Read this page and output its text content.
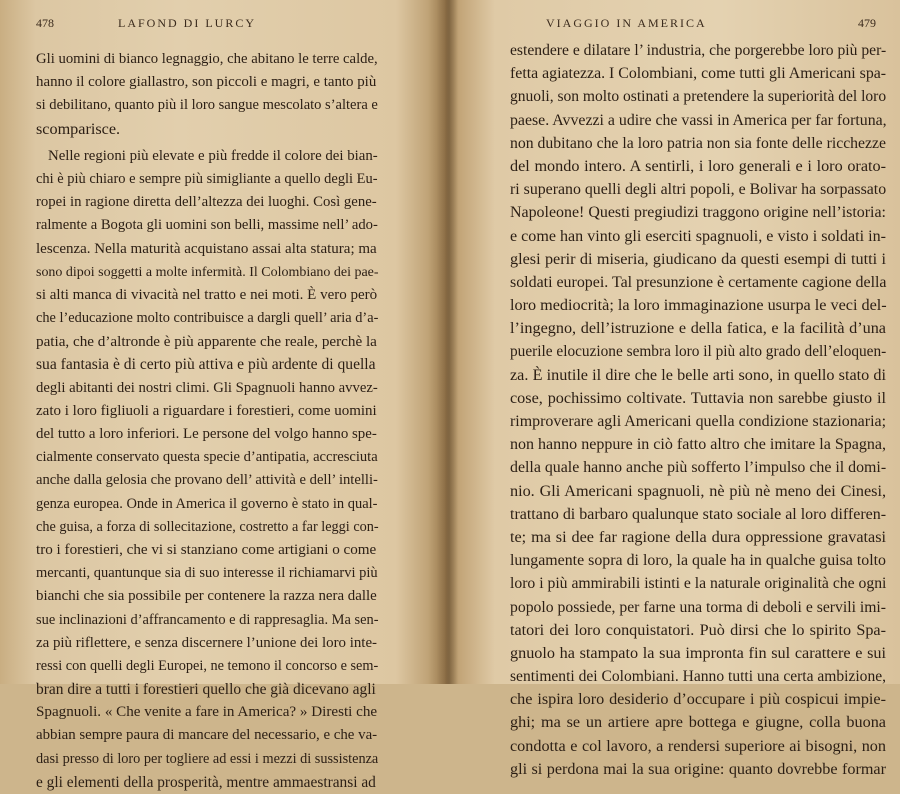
478	LAFOND DI LURCY
Gli uomini di bianco legnaggio, che abitano le terre calde,
hanno il colore giallastro, son piccoli e magri, e tanto più
si debilitano, quanto più il loro sangue mescolato s’altera e
scomparisce.
Nelle regioni più elevate e più fredde il colore dei bian-
chi è più chiaro e sempre più simigliante a quello degli Eu-
ropei in ragione diretta dell’altezza dei luoghi. Così gene-
ralmente a Bogota gli uomini son belli, massime nell’ ado-
lescenza. Nella maturità acquistano assai alta statura; ma
sono dipoi soggetti a molte infermità. Il Colombiano dei pae-
si alti manca di vivacità nel tratto e nei moti. È vero però
che l’educazione molto contribuisce a dargli quell’ aria d’a-
patia, che d’altronde è più apparente che reale, perchè la
sua fantasia è di certo più attiva e più ardente di quella
degli abitanti dei nostri climi. Gli Spagnuoli hanno avvez-
zato i loro figliuoli a riguardare i forestieri, come uomini
del tutto a loro inferiori. Le persone del volgo hanno spe-
cialmente conservato questa specie d’antipatia, accresciuta
anche dalla gelosia che provano dell’ attività e dell’ intelli-
genza europea. Onde in America il governo è stato in qual-
che guisa, a forza di sollecitazione, costretto a far leggi con-
tro i forestieri, che vi si stanziano come artigiani o come
mercanti, quantunque sia di suo interesse il richiamarvi più
bianchi che sia possibile per contenere la razza nera dalle
sue inclinazioni d’affrancamento e di rappresaglia. Ma sen-
za più riflettere, e senza discernere l’unione dei loro inte-
ressi con quelli degli Europei, ne temono il concorso e sem-
bran dire a tutti i forestieri quello che già dicevano agli
Spagnuoli. « Che venite a fare in America? » Diresti che
abbian sempre paura di mancare del necessario, e che va-
dasi presso di loro per togliere ad essi i mezzi di sussistenza
e gli elementi della prosperità, mentre ammaestransi ad
VIAGGIO IN AMERICA	479
estendere e dilatare l’ industria, che porgerebbe loro più per-
fetta agiatezza. I Colombiani, come tutti gli Americani spa-
gnuoli, son molto ostinati a pretendere la superiorità del loro
paese. Avvezzi a udire che vassi in America per far fortuna,
non dubitano che la loro patria non sia fonte delle ricchezze
del mondo intero. A sentirli, i loro generali e i loro orato-
ri superano quelli degli altri popoli, e Bolivar ha sorpassato
Napoleone! Questi pregiudizi traggono origine nell’istoria:
e come han vinto gli eserciti spagnuoli, e visto i soldati in-
glesi perir di miseria, giudicano da questi esempi di tutti i
soldati europei. Tal presunzione è certamente cagione della
loro mediocrità; la loro immaginazione usurpa le veci del-
l’ingegno, dell’istruzione e della fatica, e la facilità d’una
puerile elocuzione sembra loro il più alto grado dell’eloquen-
za. È inutile il dire che le belle arti sono, in quello stato di
cose, pochissimo coltivate. Tuttavia non sarebbe giusto il
rimproverare agli Americani quella condizione stazionaria;
non hanno neppure in ciò fatto altro che imitare la Spagna,
della quale hanno anche più sofferto l’impulso che il domi-
nio. Gli Americani spagnuoli, nè più nè meno dei Cinesi,
trattano di barbaro qualunque stato sociale al loro differen-
te; ma si dee far ragione della dura oppressione gravatasi
lungamente sopra di loro, la quale ha in qualche guisa tolto
loro i più ammirabili istinti e la naturale originalità che ogni
popolo possiede, per farne una torma di deboli e servili imi-
tatori dei loro conquistatori. Può dirsi che lo spirito Spa-
gnuolo ha stampato la sua impronta fin sul carattere e sui
sentimenti dei Colombiani. Hanno tutti una certa ambizione,
che ispira loro desiderio d’occupare i più cospicui impie-
ghi; ma se un artiere apre bottega e giugne, colla buona
condotta e col lavoro, a rendersi superiore ai bisogni, non
gli si perdona mai la sua origine: quanto dovrebbe formar
